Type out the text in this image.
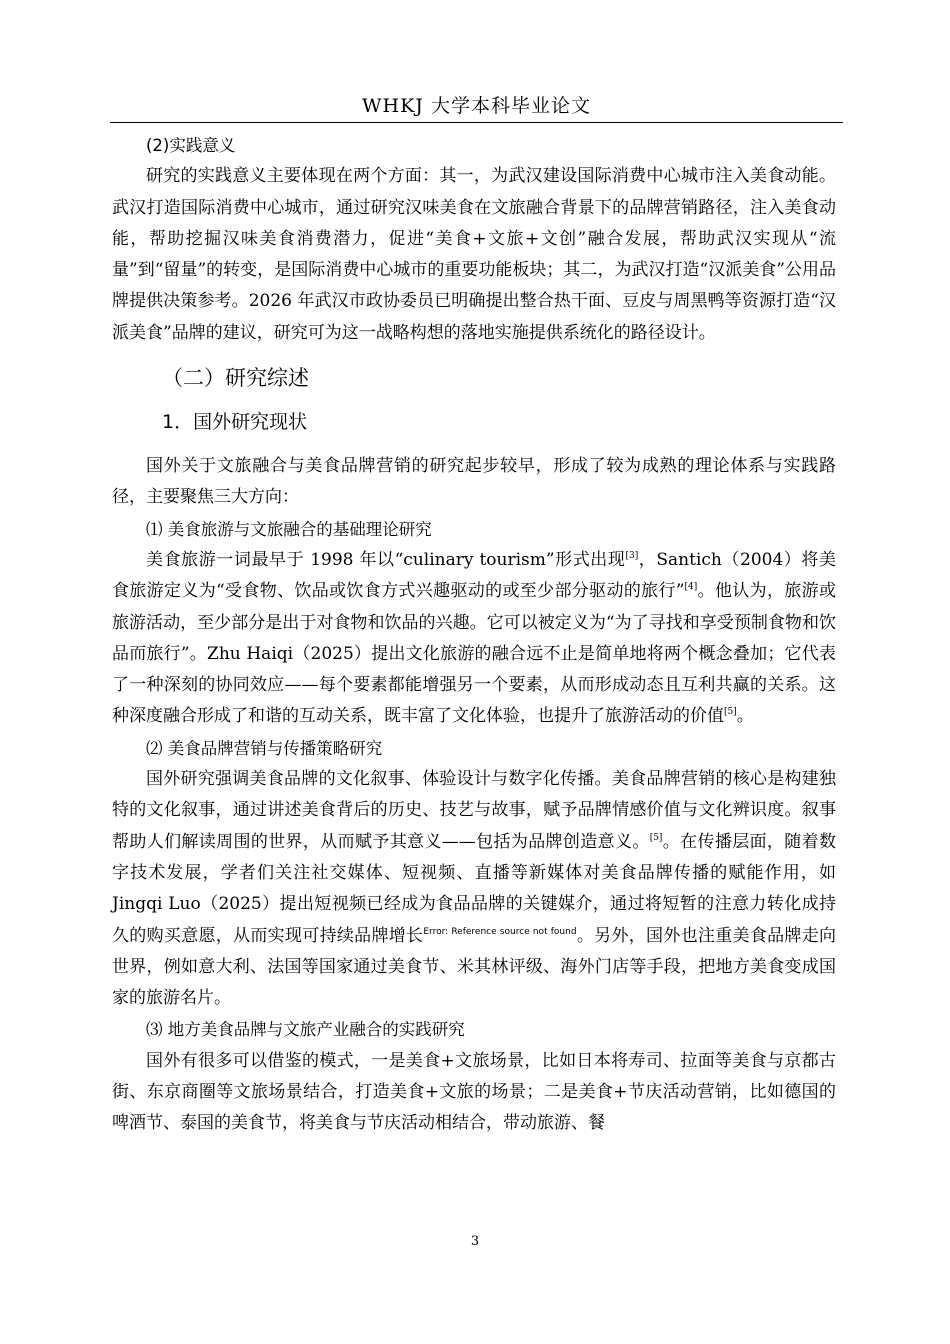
WHKJ 大学本科毕业论文

(2)实践意义

研究的实践意义主要体现在两个方面：其一，为武汉建设国际消费中心城市注入美食动能。武汉打造国际消费中心城市，通过研究汉味美食在文旅融合背景下的品牌营销路径，注入美食动能，帮助挖掘汉味美食消费潜力，促进“美食+文旅+文创”融合发展，帮助武汉实现从“流量”到“留量”的转变，是国际消费中心城市的重要功能板块；其二，为武汉打造“汉派美食”公用品牌提供决策参考。2026 年武汉市政协委员已明确提出整合热干面、豆皮与周黑鸭等资源打造“汉派美食”品牌的建议，研究可为这一战略构想的落地实施提供系统化的路径设计。

（二）研究综述
1．国外研究现状

国外关于文旅融合与美食品牌营销的研究起步较早，形成了较为成熟的理论体系与实践路径，主要聚焦三大方向：

⑴ 美食旅游与文旅融合的基础理论研究

美食旅游一词最早于 1998 年以“culinary tourism”形式出现[3]，Santich（2004）将美食旅游定义为“受食物、饮品或饮食方式兴趣驱动的或至少部分驱动的旅行”[4]。他认为，旅游或旅游活动，至少部分是出于对食物和饮品的兴趣。它可以被定义为“为了寻找和享受预制食物和饮品而旅行”。Zhu Haiqi（2025）提出文化旅游的融合远不止是简单地将两个概念叠加；它代表了一种深刻的协同效应——每个要素都能增强另一个要素，从而形成动态且互利共赢的关系。这种深度融合形成了和谐的互动关系，既丰富了文化体验，也提升了旅游活动的价值[5]。

⑵ 美食品牌营销与传播策略研究

国外研究强调美食品牌的文化叙事、体验设计与数字化传播。美食品牌营销的核心是构建独特的文化叙事，通过讲述美食背后的历史、技艺与故事，赋予品牌情感价值与文化辨识度。叙事帮助人们解读周围的世界，从而赋予其意义——包括为品牌创造意义。[5]。在传播层面，随着数字技术发展，学者们关注社交媒体、短视频、直播等新媒体对美食品牌传播的赋能作用，如 Jingqi Luo（2025）提出短视频已经成为食品品牌的关键媒介，通过将短暂的注意力转化成持久的购买意愿，从而实现可持续品牌增长$^{Error: Reference source not found}$。另外，国外也注重美食品牌走向世界，例如意大利、法国等国家通过美食节、米其林评级、海外门店等手段，把地方美食变成国家的旅游名片。

⑶ 地方美食品牌与文旅产业融合的实践研究

国外有很多可以借鉴的模式，一是美食+文旅场景，比如日本将寿司、拉面等美食与京都古街、东京商圈等文旅场景结合，打造美食+文旅的场景；二是美食+节庆活动营销，比如德国的啤酒节、泰国的美食节，将美食与节庆活动相结合，带动旅游、餐

3
